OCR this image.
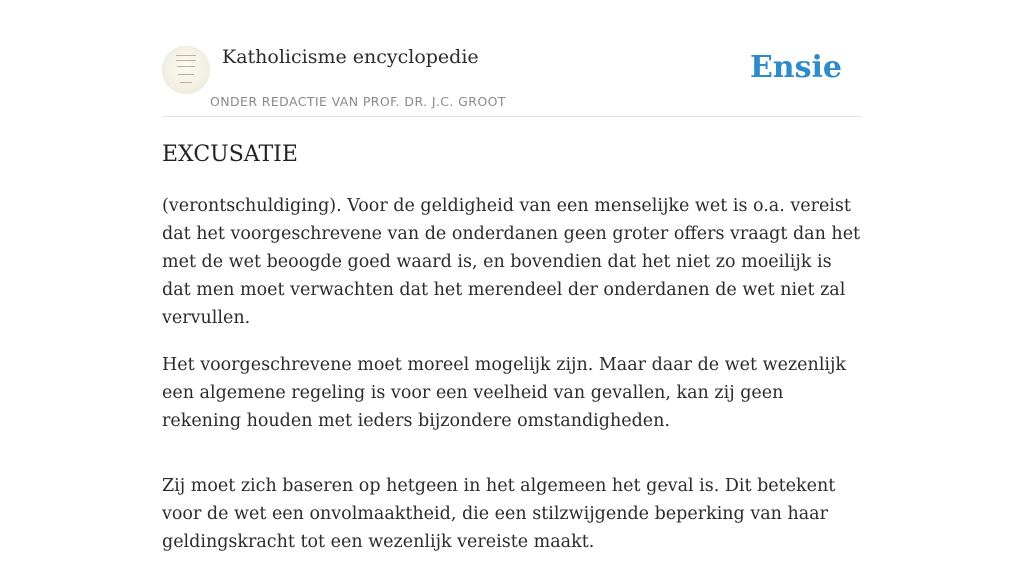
Katholicisme encyclopedie
ONDER REDACTIE VAN PROF. DR. J.C. GROOT
Ensie
EXCUSATIE

(verontschuldiging). Voor de geldigheid van een menselijke wet is o.a. vereist dat het voorgeschrevene van de onderdanen geen groter offers vraagt dan het met de wet beoogde goed waard is, en bovendien dat het niet zo moeilijk is dat men moet verwachten dat het merendeel der onderdanen de wet niet zal vervullen.

Het voorgeschrevene moet moreel mogelijk zijn. Maar daar de wet wezenlijk een algemene regeling is voor een veelheid van gevallen, kan zij geen rekening houden met ieders bijzondere omstandigheden.

Zij moet zich baseren op hetgeen in het algemeen het geval is. Dit betekent voor de wet een onvolmaaktheid, die een stilzwijgende beperking van haar geldingskracht tot een wezenlijk vereiste maakt.
